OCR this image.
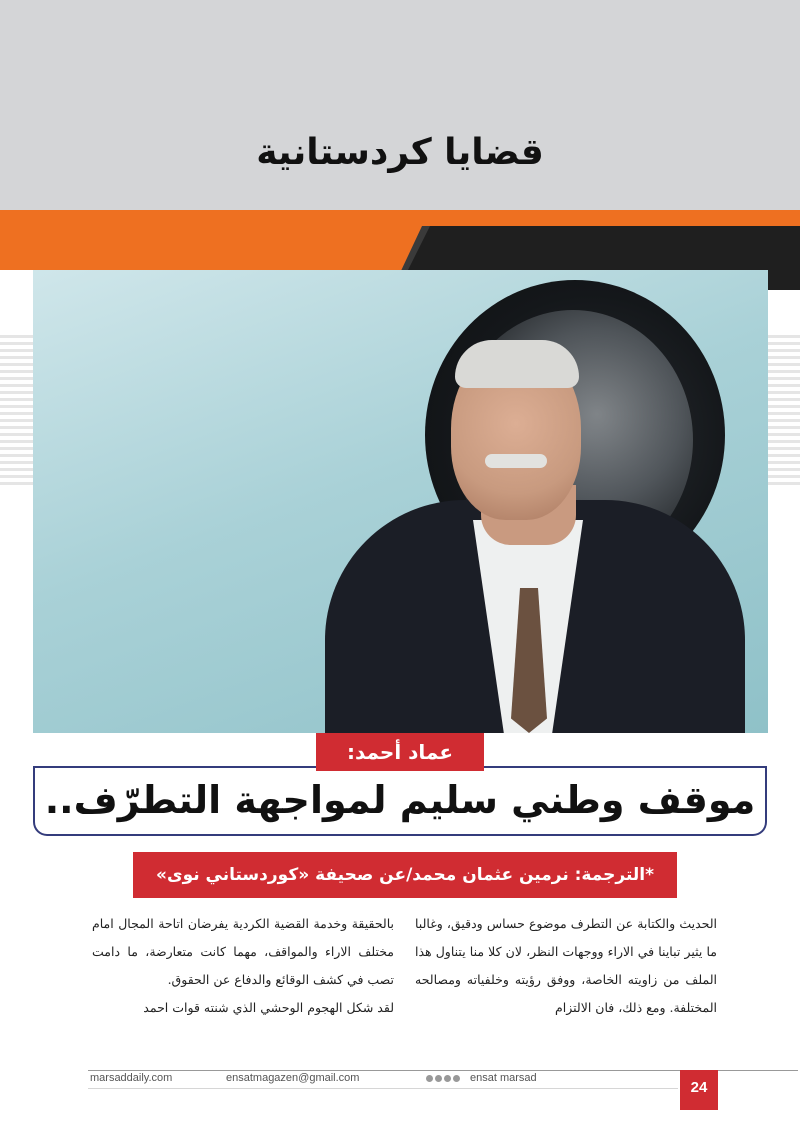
قضايا كردستانية
عماد أحمد:
موقف وطني سليم لمواجهة التطرّف..
*الترجمة: نرمين عثمان محمد/عن صحيفة «كوردستاني نوى»

الحديث والكتابة عن التطرف موضوع حساس ودقيق، وغالبا ما يثير تباينا في الاراء ووجهات النظر، لان كلا منا يتناول هذا الملف من زاويته الخاصة، ووفق رؤيته وخلفياته ومصالحه المختلفة. ومع ذلك، فان الالتزام

بالحقيقة وخدمة القضية الكردية يفرضان اتاحة المجال امام مختلف الاراء والمواقف، مهما كانت متعارضة، ما دامت تصب في كشف الوقائع والدفاع عن الحقوق.

لقد شكل الهجوم الوحشي الذي شنته قوات احمد

marsaddaily.com	ensatmagazen@gmail.com	ensat marsad
24
